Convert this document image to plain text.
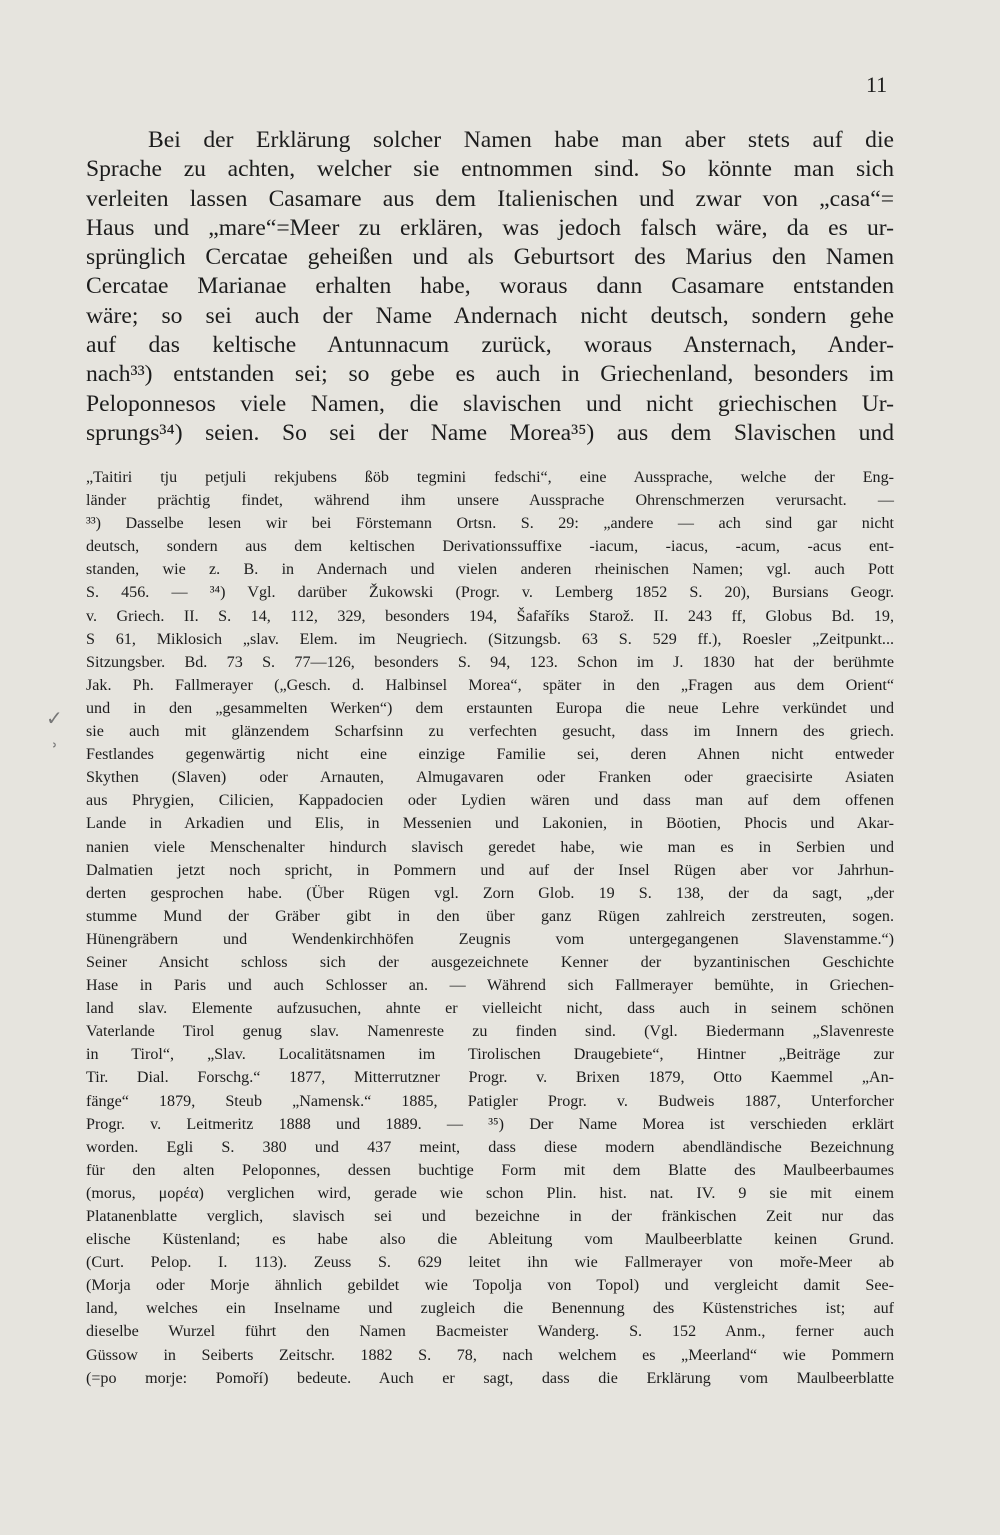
11
Bei der Erklärung solcher Namen habe man aber stets auf die
Sprache zu achten, welcher sie entnommen sind. So könnte man sich
verleiten lassen Casamare aus dem Italienischen und zwar von „casa“=
Haus und „mare“=Meer zu erklären, was jedoch falsch wäre, da es ur-
sprünglich Cercatae geheißen und als Geburtsort des Marius den Namen
Cercatae Marianae erhalten habe, woraus dann Casamare entstanden
wäre; so sei auch der Name Andernach nicht deutsch, sondern gehe
auf das keltische Antunnacum zurück, woraus Ansternach, Ander-
nach³³) entstanden sei; so gebe es auch in Griechenland, besonders im
Peloponnesos viele Namen, die slavischen und nicht griechischen Ur-
sprungs³⁴) seien. So sei der Name Morea³⁵) aus dem Slavischen und
„Taitiri tju petjuli rekjubens ßöb tegmini fedschi“, eine Aussprache, welche der Eng-
länder prächtig findet, während ihm unsere Aussprache Ohrenschmerzen verursacht. —
³³) Dasselbe lesen wir bei Förstemann Ortsn. S. 29: „andere — ach sind gar nicht
deutsch, sondern aus dem keltischen Derivationssuffixe -iacum, -iacus, -acum, -acus ent-
standen, wie z. B. in Andernach und vielen anderen rheinischen Namen; vgl. auch Pott
S. 456. — ³⁴) Vgl. darüber Žukowski (Progr. v. Lemberg 1852 S. 20), Bursians Geogr.
v. Griech. II. S. 14, 112, 329, besonders 194, Šafaříks Starož. II. 243 ff, Globus Bd. 19,
S 61, Miklosich „slav. Elem. im Neugriech. (Sitzungsb. 63 S. 529 ff.), Roesler „Zeitpunkt...
Sitzungsber. Bd. 73 S. 77—126, besonders S. 94, 123. Schon im J. 1830 hat der berühmte
Jak. Ph. Fallmerayer („Gesch. d. Halbinsel Morea“, später in den „Fragen aus dem Orient“
und in den „gesammelten Werken“) dem erstaunten Europa die neue Lehre verkündet und
sie auch mit glänzendem Scharfsinn zu verfechten gesucht, dass im Innern des griech.
Festlandes gegenwärtig nicht eine einzige Familie sei, deren Ahnen nicht entweder
Skythen (Slaven) oder Arnauten, Almugavaren oder Franken oder graecisirte Asiaten
aus Phrygien, Cilicien, Kappadocien oder Lydien wären und dass man auf dem offenen
Lande in Arkadien und Elis, in Messenien und Lakonien, in Böotien, Phocis und Akar-
nanien viele Menschenalter hindurch slavisch geredet habe, wie man es in Serbien und
Dalmatien jetzt noch spricht, in Pommern und auf der Insel Rügen aber vor Jahrhun-
derten gesprochen habe. (Über Rügen vgl. Zorn Glob. 19 S. 138, der da sagt, „der
stumme Mund der Gräber gibt in den über ganz Rügen zahlreich zerstreuten, sogen.
Hünengräbern und Wendenkirchhöfen Zeugnis vom untergegangenen Slavenstamme.“)
Seiner Ansicht schloss sich der ausgezeichnete Kenner der byzantinischen Geschichte
Hase in Paris und auch Schlosser an. — Während sich Fallmerayer bemühte, in Griechen-
land slav. Elemente aufzusuchen, ahnte er vielleicht nicht, dass auch in seinem schönen
Vaterlande Tirol genug slav. Namenreste zu finden sind. (Vgl. Biedermann „Slavenreste
in Tirol“, „Slav. Localitätsnamen im Tirolischen Draugebiete“, Hintner „Beiträge zur
Tir. Dial. Forschg.“ 1877, Mitterrutzner Progr. v. Brixen 1879, Otto Kaemmel „An-
fänge“ 1879, Steub „Namensk.“ 1885, Patigler Progr. v. Budweis 1887, Unterforcher
Progr. v. Leitmeritz 1888 und 1889. — ³⁵) Der Name Morea ist verschieden erklärt
worden. Egli S. 380 und 437 meint, dass diese modern abendländische Bezeichnung
für den alten Peloponnes, dessen buchtige Form mit dem Blatte des Maulbeerbaumes
(morus, μορέα) verglichen wird, gerade wie schon Plin. hist. nat. IV. 9 sie mit einem
Platanenblatte verglich, slavisch sei und bezeichne in der fränkischen Zeit nur das
elische Küstenland; es habe also die Ableitung vom Maulbeerblatte keinen Grund.
(Curt. Pelop. I. 113). Zeuss S. 629 leitet ihn wie Fallmerayer von moře-Meer ab
(Morja oder Morje ähnlich gebildet wie Topolja von Topol) und vergleicht damit See-
land, welches ein Inselname und zugleich die Benennung des Küstenstriches ist; auf
dieselbe Wurzel führt den Namen Bacmeister Wanderg. S. 152 Anm., ferner auch
Güssow in Seiberts Zeitschr. 1882 S. 78, nach welchem es „Meerland“ wie Pommern
(=po morje: Pomoří) bedeute. Auch er sagt, dass die Erklärung vom Maulbeerblatte
✓
ʾ
